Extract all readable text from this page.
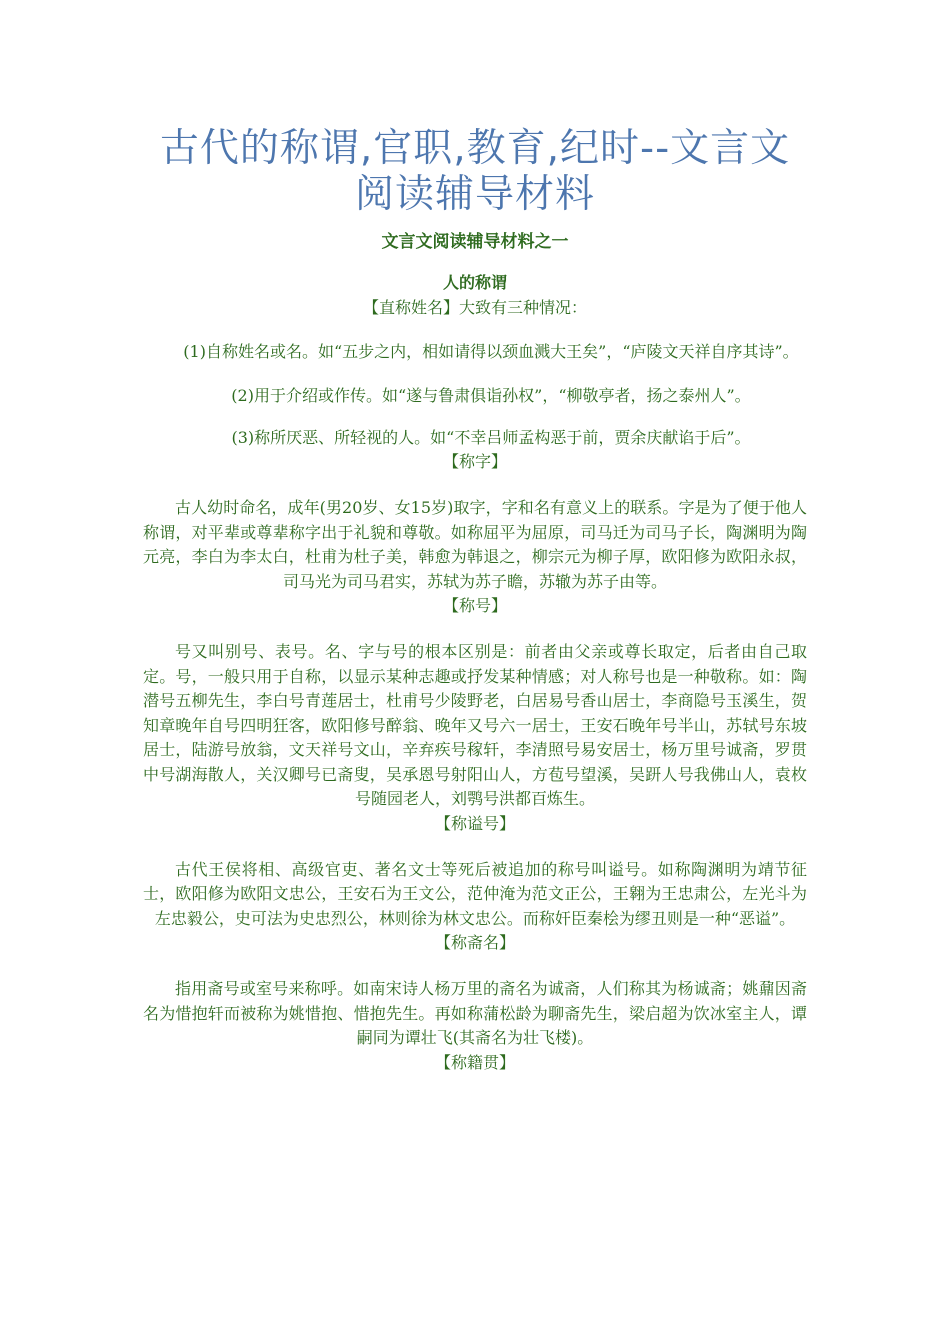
古代的称谓,官职,教育,纪时--文言文
阅读辅导材料
文言文阅读辅导材料之一
人的称谓
【直称姓名】大致有三种情况：

(1)自称姓名或名。如“五步之内，相如请得以颈血溅大王矣”，“庐陵文天祥自序其诗”。

(2)用于介绍或作传。如“遂与鲁肃俱诣孙权”，“柳敬亭者，扬之泰州人”。

(3)称所厌恶、所轻视的人。如“不幸吕师孟构恶于前，贾余庆献谄于后”。

【称字】

古人幼时命名，成年(男20岁、女15岁)取字，字和名有意义上的联系。字是为了便于他人称谓，对平辈或尊辈称字出于礼貌和尊敬。如称屈平为屈原，司马迁为司马子长，陶渊明为陶元亮，李白为李太白，杜甫为杜子美，韩愈为韩退之，柳宗元为柳子厚，欧阳修为欧阳永叔，司马光为司马君实，苏轼为苏子瞻，苏辙为苏子由等。

【称号】

号又叫别号、表号。名、字与号的根本区别是：前者由父亲或尊长取定，后者由自己取定。号，一般只用于自称，以显示某种志趣或抒发某种情感；对人称号也是一种敬称。如：陶潜号五柳先生，李白号青莲居士，杜甫号少陵野老，白居易号香山居士，李商隐号玉溪生，贺知章晚年自号四明狂客，欧阳修号醉翁、晚年又号六一居士，王安石晚年号半山，苏轼号东坡居士，陆游号放翁，文天祥号文山，辛弃疾号稼轩，李清照号易安居士，杨万里号诚斋，罗贯中号湖海散人，关汉卿号已斋叟，吴承恩号射阳山人，方苞号望溪，吴趼人号我佛山人，袁枚号随园老人，刘鹗号洪都百炼生。

【称谥号】

古代王侯将相、高级官吏、著名文士等死后被追加的称号叫谥号。如称陶渊明为靖节征士，欧阳修为欧阳文忠公，王安石为王文公，范仲淹为范文正公，王翱为王忠肃公，左光斗为左忠毅公，史可法为史忠烈公，林则徐为林文忠公。而称奸臣秦桧为缪丑则是一种“恶谥”。

【称斋名】

指用斋号或室号来称呼。如南宋诗人杨万里的斋名为诚斋，人们称其为杨诚斋；姚鼐因斋名为惜抱轩而被称为姚惜抱、惜抱先生。再如称蒲松龄为聊斋先生，梁启超为饮冰室主人，谭嗣同为谭壮飞(其斋名为壮飞楼)。

【称籍贯】
